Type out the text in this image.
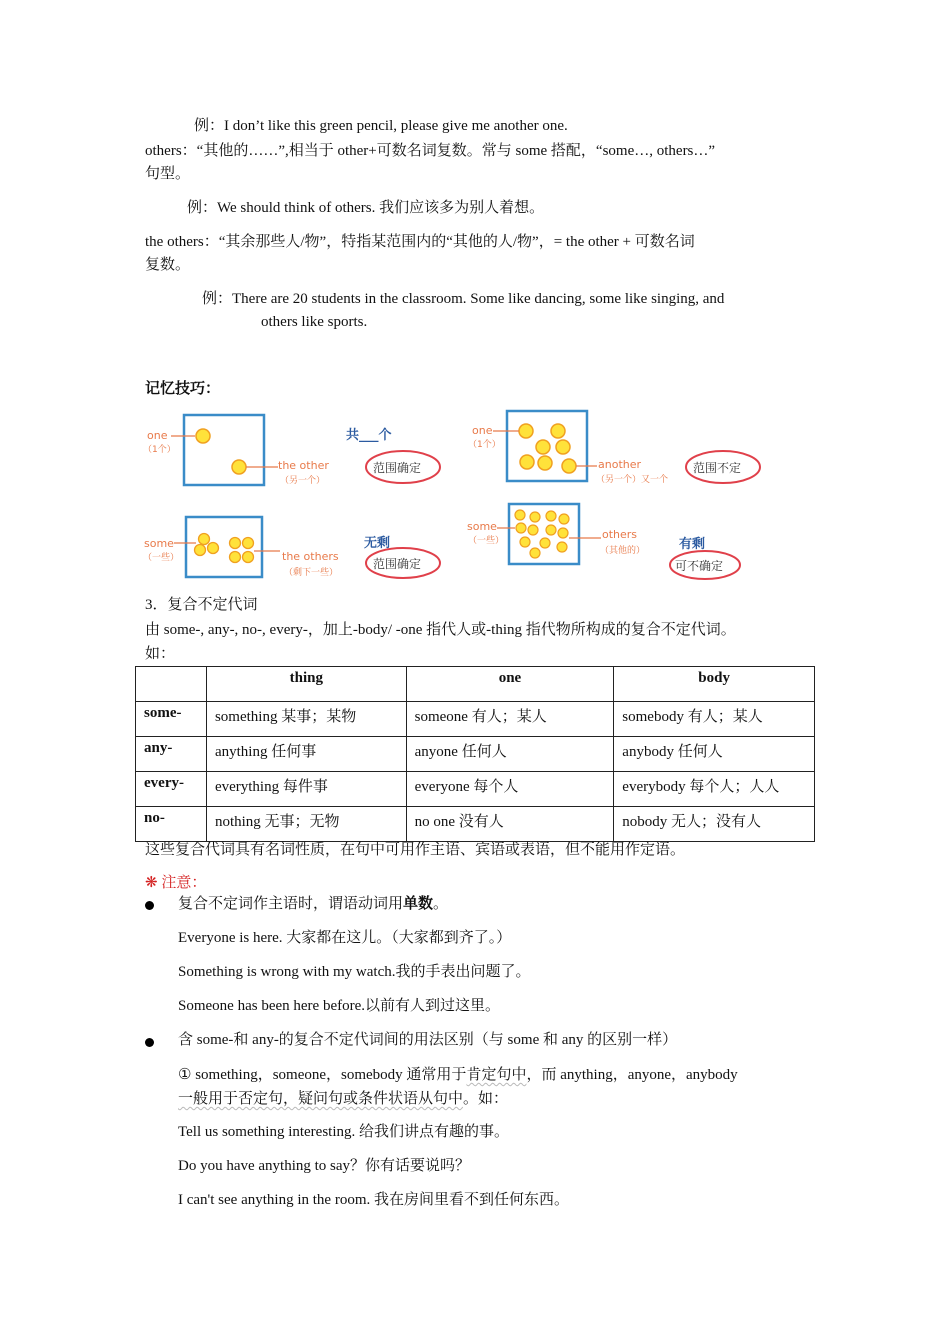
例：I don’t like this green pencil, please give me another one.
others：“其他的……”,相当于 other+可数名词复数。常与 some 搭配，“some…, others…”
句型。
例：We should think of others. 我们应该多为别人着想。
the others：“其余那些人/物”，特指某范围内的“其他的人/物”，= the other + 可数名词
复数。
例：There are 20 students in the classroom. Some like dancing, some like singing, and
others like sports.
记忆技巧：
one
（1个）
the other
（另一个）
共___个
范围确定
one
（1个）
another
（另一个）又一个
范围不定
some
（一些）	the others
（剩下一些）
无剩
范围确定
some
（一些）	others
（其他的）	有剩
可不确定
3．复合不定代词
由 some-, any-, no-, every-，加上-body/ -one 指代人或-thing 指代物所构成的复合不定代词。
如：
	thing	one	body
some-	something 某事；某物	someone 有人；某人	somebody 有人；某人
any-	anything 任何事	anyone 任何人	anybody 任何人
every-	everything 每件事	everyone 每个人	everybody 每个人；人人
no-	nothing 无事；无物	no one 没有人	nobody 无人；没有人
这些复合代词具有名词性质，在句中可用作主语、宾语或表语，但不能用作定语。
❋ 注意：
复合不定词作主语时，谓语动词用单数。
Everyone is here. 大家都在这儿。（大家都到齐了。）
Something is wrong with my watch.我的手表出问题了。
Someone has been here before.以前有人到过这里。
含 some-和 any-的复合不定代词间的用法区别（与 some 和 any 的区别一样）
① something，someone，somebody 通常用于肯定句中，而 anything，anyone，anybody
一般用于否定句，疑问句或条件状语从句中。如：
Tell us something interesting. 给我们讲点有趣的事。
Do you have anything to say？你有话要说吗？
I can't see anything in the room. 我在房间里看不到任何东西。
